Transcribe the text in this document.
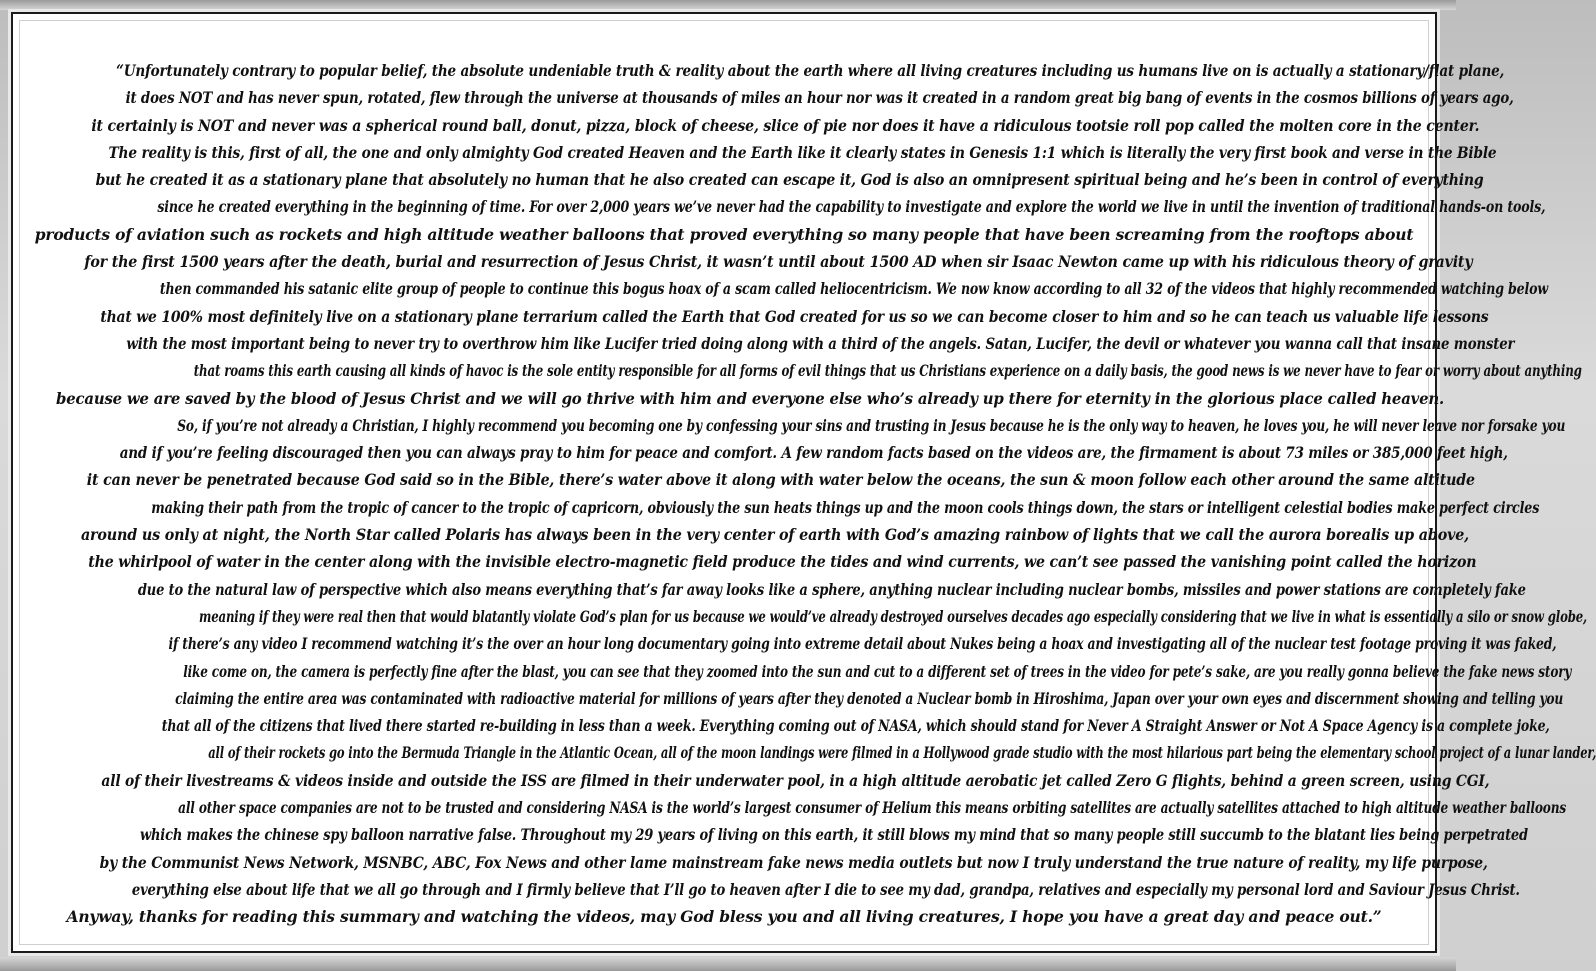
“Unfortunately contrary to popular belief, the absolute undeniable truth & reality about the earth where all living creatures including us humans live on is actually a stationary/flat plane,
it does NOT and has never spun, rotated, flew through the universe at thousands of miles an hour nor was it created in a random great big bang of events in the cosmos billions of years ago,
it certainly is NOT and never was a spherical round ball, donut, pizza, block of cheese, slice of pie nor does it have a ridiculous tootsie roll pop called the molten core in the center.
The reality is this, first of all, the one and only almighty God created Heaven and the Earth like it clearly states in Genesis 1:1 which is literally the very first book and verse in the Bible
but he created it as a stationary plane that absolutely no human that he also created can escape it, God is also an omnipresent spiritual being and he’s been in control of everything
since he created everything in the beginning of time. For over 2,000 years we’ve never had the capability to investigate and explore the world we live in until the invention of traditional hands-on tools,
products of aviation such as rockets and high altitude weather balloons that proved everything so many people that have been screaming from the rooftops about
for the first 1500 years after the death, burial and resurrection of Jesus Christ, it wasn’t until about 1500 AD when sir Isaac Newton came up with his ridiculous theory of gravity
then commanded his satanic elite group of people to continue this bogus hoax of a scam called heliocentricism. We now know according to all 32 of the videos that highly recommended watching below
that we 100% most definitely live on a stationary plane terrarium called the Earth that God created for us so we can become closer to him and so he can teach us valuable life lessons
with the most important being to never try to overthrow him like Lucifer tried doing along with a third of the angels. Satan, Lucifer, the devil or whatever you wanna call that insane monster
that roams this earth causing all kinds of havoc is the sole entity responsible for all forms of evil things that us Christians experience on a daily basis, the good news is we never have to fear or worry about anything
because we are saved by the blood of Jesus Christ and we will go thrive with him and everyone else who’s already up there for eternity in the glorious place called heaven.
So, if you’re not already a Christian, I highly recommend you becoming one by confessing your sins and trusting in Jesus because he is the only way to heaven, he loves you, he will never leave nor forsake you
and if you’re feeling discouraged then you can always pray to him for peace and comfort. A few random facts based on the videos are, the firmament is about 73 miles or 385,000 feet high,
it can never be penetrated because God said so in the Bible, there’s water above it along with water below the oceans, the sun & moon follow each other around the same altitude
making their path from the tropic of cancer to the tropic of capricorn, obviously the sun heats things up and the moon cools things down, the stars or intelligent celestial bodies make perfect circles
around us only at night, the North Star called Polaris has always been in the very center of earth with God’s amazing rainbow of lights that we call the aurora borealis up above,
the whirlpool of water in the center along with the invisible electro-magnetic field produce the tides and wind currents, we can’t see passed the vanishing point called the horizon
due to the natural law of perspective which also means everything that’s far away looks like a sphere, anything nuclear including nuclear bombs, missiles and power stations are completely fake
meaning if they were real then that would blatantly violate God’s plan for us because we would’ve already destroyed ourselves decades ago especially considering that we live in what is essentially a silo or snow globe,
if there’s any video I recommend watching it’s the over an hour long documentary going into extreme detail about Nukes being a hoax and investigating all of the nuclear test footage proving it was faked,
like come on, the camera is perfectly fine after the blast, you can see that they zoomed into the sun and cut to a different set of trees in the video for pete’s sake, are you really gonna believe the fake news story
claiming the entire area was contaminated with radioactive material for millions of years after they denoted a Nuclear bomb in Hiroshima, Japan over your own eyes and discernment showing and telling you
that all of the citizens that lived there started re-building in less than a week. Everything coming out of NASA, which should stand for Never A Straight Answer or Not A Space Agency is a complete joke,
all of their rockets go into the Bermuda Triangle in the Atlantic Ocean, all of the moon landings were filmed in a Hollywood grade studio with the most hilarious part being the elementary school project of a lunar lander,
all of their livestreams & videos inside and outside the ISS are filmed in their underwater pool, in a high altitude aerobatic jet called Zero G flights, behind a green screen, using CGI,
all other space companies are not to be trusted and considering NASA is the world’s largest consumer of Helium this means orbiting satellites are actually satellites attached to high altitude weather balloons
which makes the chinese spy balloon narrative false. Throughout my 29 years of living on this earth, it still blows my mind that so many people still succumb to the blatant lies being perpetrated
by the Communist News Network, MSNBC, ABC, Fox News and other lame mainstream fake news media outlets but now I truly understand the true nature of reality, my life purpose,
everything else about life that we all go through and I firmly believe that I’ll go to heaven after I die to see my dad, grandpa, relatives and especially my personal lord and Saviour Jesus Christ.
Anyway, thanks for reading this summary and watching the videos, may God bless you and all living creatures, I hope you have a great day and peace out.”
